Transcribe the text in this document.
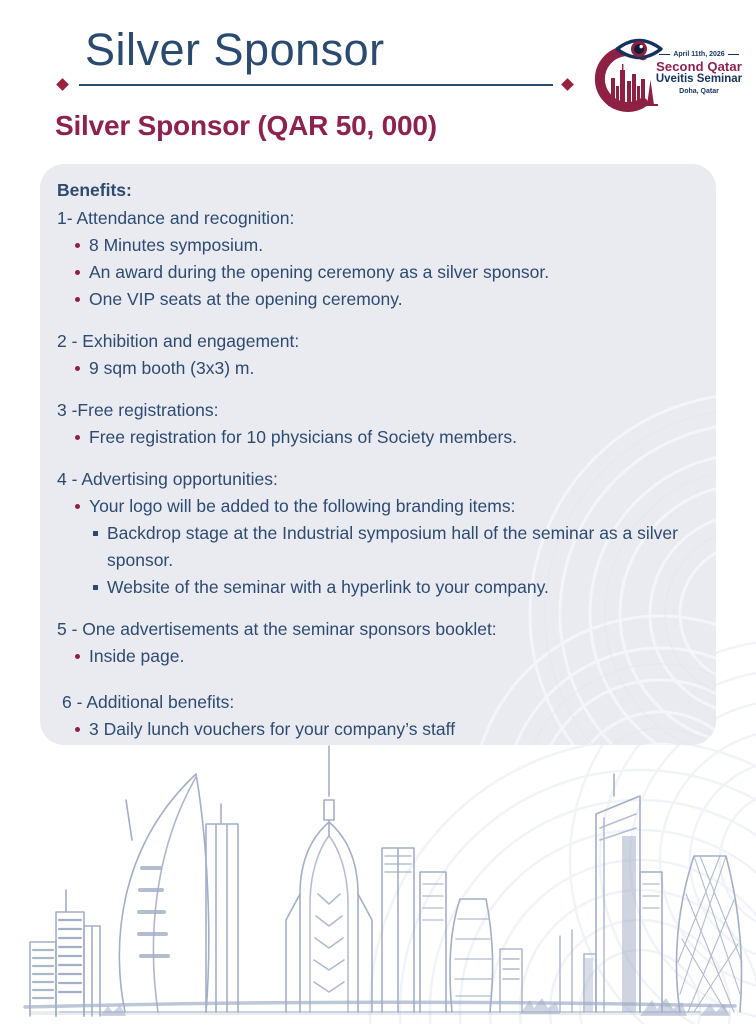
Silver Sponsor	April 11th, 2026
Second Qatar
Uveitis Seminar
Doha, Qatar
Silver Sponsor (QAR 50, 000)

Benefits:

1- Attendance and recognition:

8 Minutes symposium.
An award during the opening ceremony as a silver sponsor.
One VIP seats at the opening ceremony.

2 - Exhibition and engagement:

9 sqm booth (3x3) m.

3 -Free registrations:

Free registration for 10 physicians of Society members.

4 - Advertising opportunities:

Your logo will be added to the following branding items:
Backdrop stage at the Industrial symposium hall of the seminar as a silver sponsor.
Website of the seminar with a hyperlink to your company.

5 - One advertisements at the seminar sponsors booklet:

Inside page.

6 - Additional benefits:

3 Daily lunch vouchers for your company’s staff
